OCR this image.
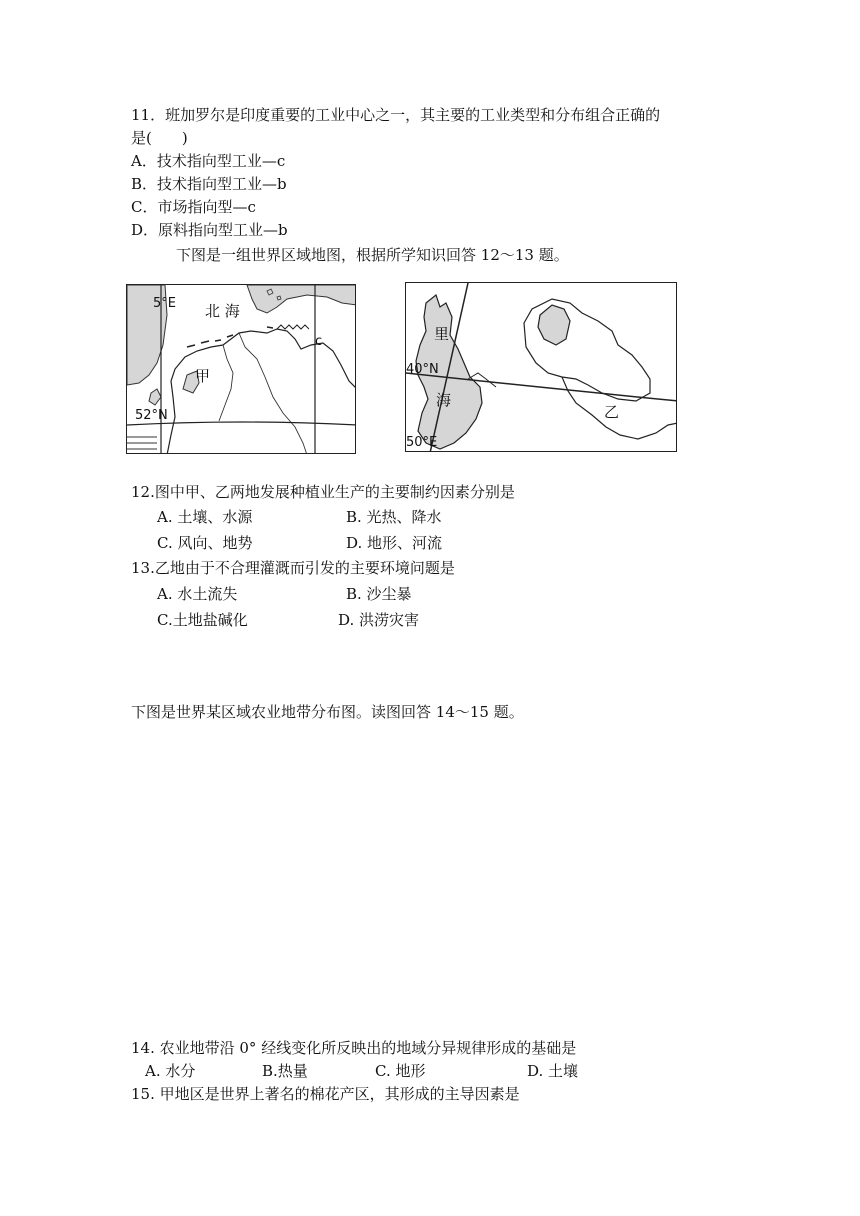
11．班加罗尔是印度重要的工业中心之一，其主要的工业类型和分布组合正确的
是(　　)
A．技术指向型工业—c
B．技术指向型工业—b
C．市场指向型—c
D．原料指向型工业—b
下图是一组世界区域地图，根据所学知识回答 12～13 题。
5°E 北 海
甲
c
52°N
里
40°N
海
50°E
乙
12.图中甲、乙两地发展种植业生产的主要制约因素分别是
A. 土壤、水源	B. 光热、降水
C. 风向、地势	D. 地形、河流
13.乙地由于不合理灌溉而引发的主要环境问题是
A. 水土流失	B. 沙尘暴
C.土地盐碱化	D. 洪涝灾害
下图是世界某区域农业地带分布图。读图回答 14～15 题。
14. 农业地带沿 0° 经线变化所反映出的地域分异规律形成的基础是
A. 水分	B.热量	C. 地形	D. 土壤
15. 甲地区是世界上著名的棉花产区，其形成的主导因素是
